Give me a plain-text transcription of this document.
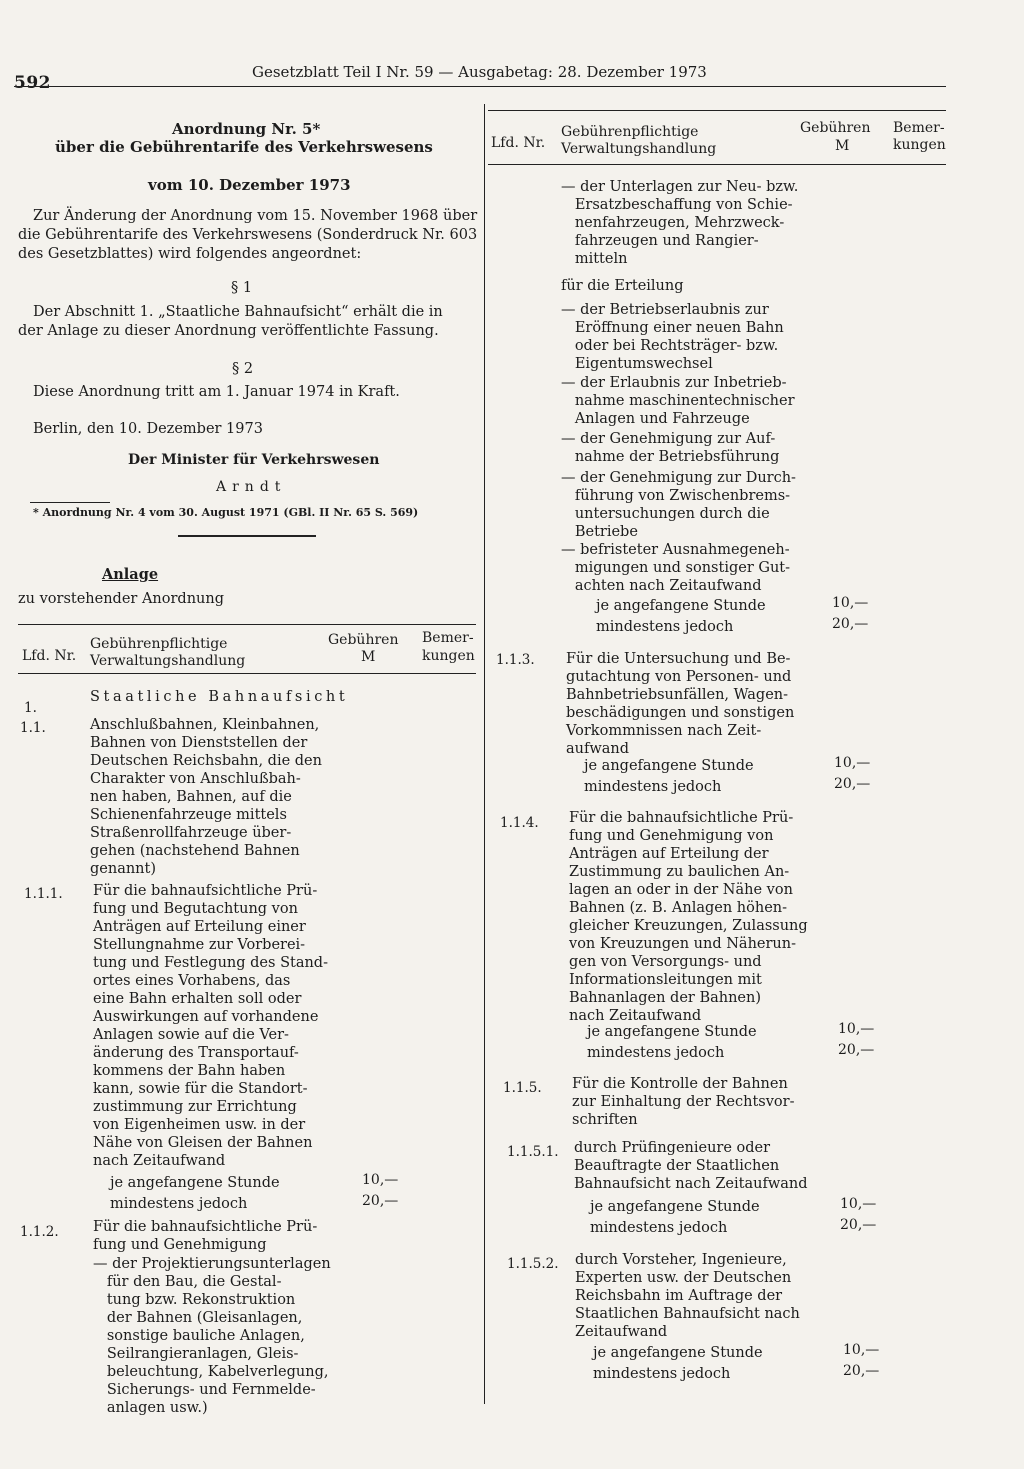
592
Gesetzblatt Teil I Nr. 59 — Ausgabetag: 28. Dezember 1973
Anordnung Nr. 5*
über die Gebührentarife des Verkehrswesens
vom 10. Dezember 1973
Zur Änderung der Anordnung vom 15. November 1968 über
die Gebührentarife des Verkehrswesens (Sonderdruck Nr. 603
des Gesetzblattes) wird folgendes angeordnet:
§ 1
Der Abschnitt 1. „Staatliche Bahnaufsicht“ erhält die in
der Anlage zu dieser Anordnung veröffentlichte Fassung.
§ 2
Diese Anordnung tritt am 1. Januar 1974 in Kraft.
Berlin, den 10. Dezember 1973
Der Minister für Verkehrswesen
Arndt
* Anordnung Nr. 4 vom 30. August 1971 (GBl. II Nr. 65 S. 569)
Anlage
zu vorstehender Anordnung
Lfd. Nr.
Gebührenpflichtige
Verwaltungshandlung
Gebühren
M
Bemer-
kungen
1.
Staatliche Bahnaufsicht
1.1.	Anschlußbahnen, Kleinbahnen,
Bahnen von Dienststellen der
Deutschen Reichsbahn, die den
Charakter von Anschlußbah-
nen haben, Bahnen, auf die
Schienenfahrzeuge mittels
Straßenrollfahrzeuge über-
gehen (nachstehend Bahnen
genannt)
1.1.1. Für die bahnaufsichtliche Prü-
fung und Begutachtung von
Anträgen auf Erteilung einer
Stellungnahme zur Vorberei-
tung und Festlegung des Stand-
ortes eines Vorhabens, das
eine Bahn erhalten soll oder
Auswirkungen auf vorhandene
Anlagen sowie auf die Ver-
änderung des Transportauf-
kommens der Bahn haben
kann, sowie für die Standort-
zustimmung zur Errichtung
von Eigenheimen usw. in der
Nähe von Gleisen der Bahnen
nach Zeitaufwand
je angefangene Stunde	10,—
mindestens jedoch	20,—
1.1.2. Für die bahnaufsichtliche Prü-
fung und Genehmigung
— der Projektierungsunterlagen
für den Bau, die Gestal-
tung bzw. Rekonstruktion
der Bahnen (Gleisanlagen,
sonstige bauliche Anlagen,
Seilrangieranlagen, Gleis-
beleuchtung, Kabelverlegung,
Sicherungs- und Fernmelde-
anlagen usw.)
Lfd. Nr.
Gebührenpflichtige
Verwaltungshandlung
Gebühren
M
Bemer-
kungen
— der Unterlagen zur Neu- bzw.
Ersatzbeschaffung von Schie-
nenfahrzeugen, Mehrzweck-
fahrzeugen und Rangier-
mitteln
für die Erteilung
— der Betriebserlaubnis zur
Eröffnung einer neuen Bahn
oder bei Rechtsträger- bzw.
Eigentumswechsel
— der Erlaubnis zur Inbetrieb-
nahme maschinentechnischer
Anlagen und Fahrzeuge
— der Genehmigung zur Auf-
nahme der Betriebsführung
— der Genehmigung zur Durch-
führung von Zwischenbrems-
untersuchungen durch die
Betriebe
— befristeter Ausnahmegeneh-
migungen und sonstiger Gut-
achten nach Zeitaufwand
je angefangene Stunde	10,—
mindestens jedoch	20,—
1.1.3. Für die Untersuchung und Be-
gutachtung von Personen- und
Bahnbetriebsunfällen, Wagen-
beschädigungen und sonstigen
Vorkommnissen nach Zeit-
aufwand
je angefangene Stunde	10,—
mindestens jedoch	20,—
1.1.4. Für die bahnaufsichtliche Prü-
fung und Genehmigung von
Anträgen auf Erteilung der
Zustimmung zu baulichen An-
lagen an oder in der Nähe von
Bahnen (z. B. Anlagen höhen-
gleicher Kreuzungen, Zulassung
von Kreuzungen und Näherun-
gen von Versorgungs- und
Informationsleitungen mit
Bahnanlagen der Bahnen)
nach Zeitaufwand
je angefangene Stunde	10,—
mindestens jedoch	20,—
1.1.5. Für die Kontrolle der Bahnen
zur Einhaltung der Rechtsvor-
schriften
1.1.5.1. durch Prüfingenieure oder
Beauftragte der Staatlichen
Bahnaufsicht nach Zeitaufwand
je angefangene Stunde	10,—
mindestens jedoch	20,—
1.1.5.2. durch Vorsteher, Ingenieure,
Experten usw. der Deutschen
Reichsbahn im Auftrage der
Staatlichen Bahnaufsicht nach
Zeitaufwand
je angefangene Stunde	10,—
mindestens jedoch	20,—
